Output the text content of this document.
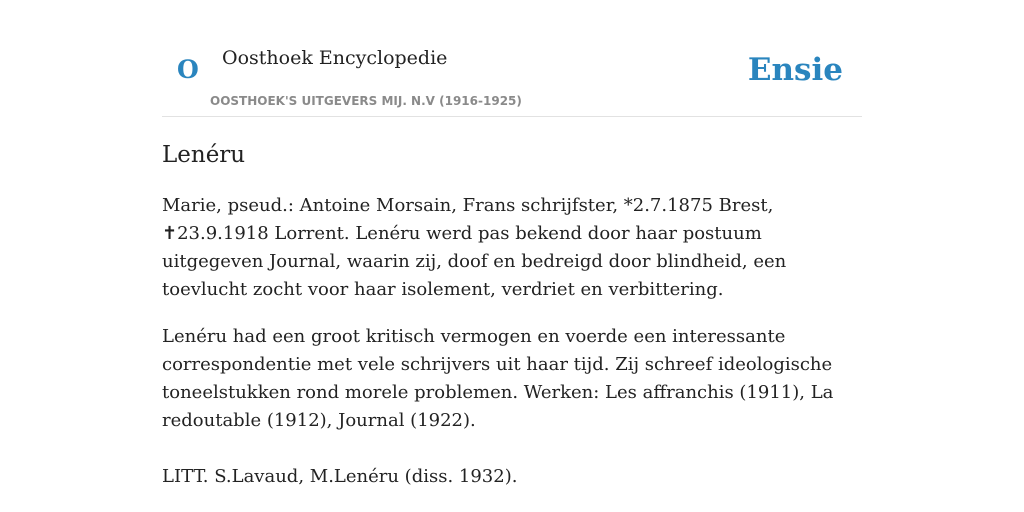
O Oosthoek Encyclopedie
OOSTHOEK'S UITGEVERS MIJ. N.V (1916-1925)
Ensie
Lenéru

Marie, pseud.: Antoine Morsain, Frans schrijfster, *2.7.1875 Brest, ✝23.9.1918 Lorrent. Lenéru werd pas bekend door haar postuum uitgegeven Journal, waarin zij, doof en bedreigd door blindheid, een toevlucht zocht voor haar isolement, verdriet en verbittering.

Lenéru had een groot kritisch vermogen en voerde een interessante correspondentie met vele schrijvers uit haar tijd. Zij schreef ideologische toneelstukken rond morele problemen. Werken: Les affranchis (1911), La redoutable (1912), Journal (1922).

LITT. S.Lavaud, M.Lenéru (diss. 1932).
